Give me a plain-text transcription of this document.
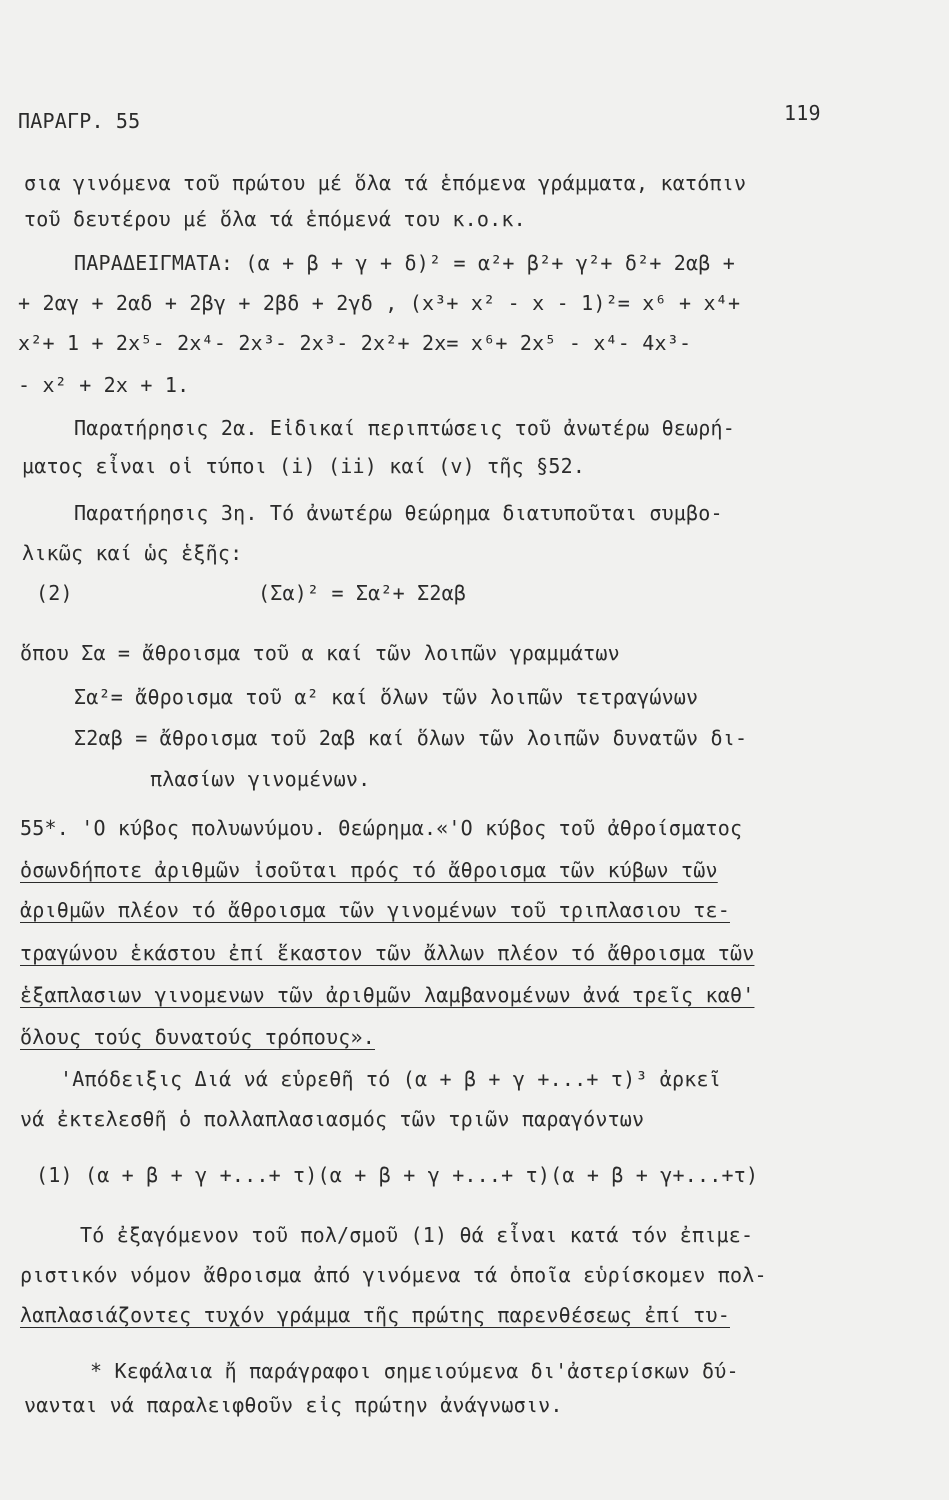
ΠΑΡΑΓΡ. 55	119
σια γινόμενα τοῦ πρώτου μέ ὅλα τά ἑπόμενα γράμματα, κατόπιν
τοῦ δευτέρου μέ ὅλα τά ἑπόμενά του κ.ο.κ.
ΠΑΡΑΔΕΙΓΜΑΤΑ: (α + β + γ + δ)² = α²+ β²+ γ²+ δ²+ 2αβ +
+ 2αγ + 2αδ + 2βγ + 2βδ + 2γδ , (x³+ x² - x - 1)²= x⁶ + x⁴+
x²+ 1 + 2x⁵- 2x⁴- 2x³- 2x³- 2x²+ 2x= x⁶+ 2x⁵ - x⁴- 4x³-
- x² + 2x + 1.
Παρατήρησις 2α. Εἰδικαί περιπτώσεις τοῦ ἀνωτέρω θεωρή-
ματος εἶναι οἱ τύποι (i) (ii) καί (v) τῆς §52.
Παρατήρησις 3η. Τό ἀνωτέρω θεώρημα διατυποῦται συμβο-
λικῶς καί ὡς ἑξῆς:
(2)	(Σα)² = Σα²+ Σ2αβ
ὅπου Σα = ἄθροισμα τοῦ α καί τῶν λοιπῶν γραμμάτων
Σα²= ἄθροισμα τοῦ α² καί ὅλων τῶν λοιπῶν τετραγώνων
Σ2αβ = ἄθροισμα τοῦ 2αβ καί ὅλων τῶν λοιπῶν δυνατῶν δι-
πλασίων γινομένων.
55*. 'Ο κύβος πολυωνύμου. Θεώρημα.«'Ο κύβος τοῦ ἀθροίσματος
ὁσωνδήποτε ἀριθμῶν ἰσοῦται πρός τό ἄθροισμα τῶν κύβων τῶν
ἀριθμῶν πλέον τό ἄθροισμα τῶν γινομένων τοῦ τριπλασιου τε-
τραγώνου ἑκάστου ἐπί ἕκαστον τῶν ἄλλων πλέον τό ἄθροισμα τῶν
ἑξαπλασιων γινομενων τῶν ἀριθμῶν λαμβανομένων ἀνά τρεῖς καθ'
ὅλους τούς δυνατούς τρόπους».
'Απόδειξις Διά νά εὑρεθῆ τό (α + β + γ +...+ τ)³ ἀρκεῖ
νά ἐκτελεσθῆ ὁ πολλαπλασιασμός τῶν τριῶν παραγόντων
(1) (α + β + γ +...+ τ)(α + β + γ +...+ τ)(α + β + γ+...+τ)
Τό ἐξαγόμενον τοῦ πολ/σμοῦ (1) θά εἶναι κατά τόν ἐπιμε-
ριστικόν νόμον ἄθροισμα ἀπό γινόμενα τά ὁποῖα εὑρίσκομεν πολ-
λαπλασιάζοντες τυχόν γράμμα τῆς πρώτης παρενθέσεως ἐπί τυ-
* Κεφάλαια ἤ παράγραφοι σημειούμενα δι'ἀστερίσκων δύ-
νανται νά παραλειφθοῦν εἰς πρώτην ἀνάγνωσιν.
